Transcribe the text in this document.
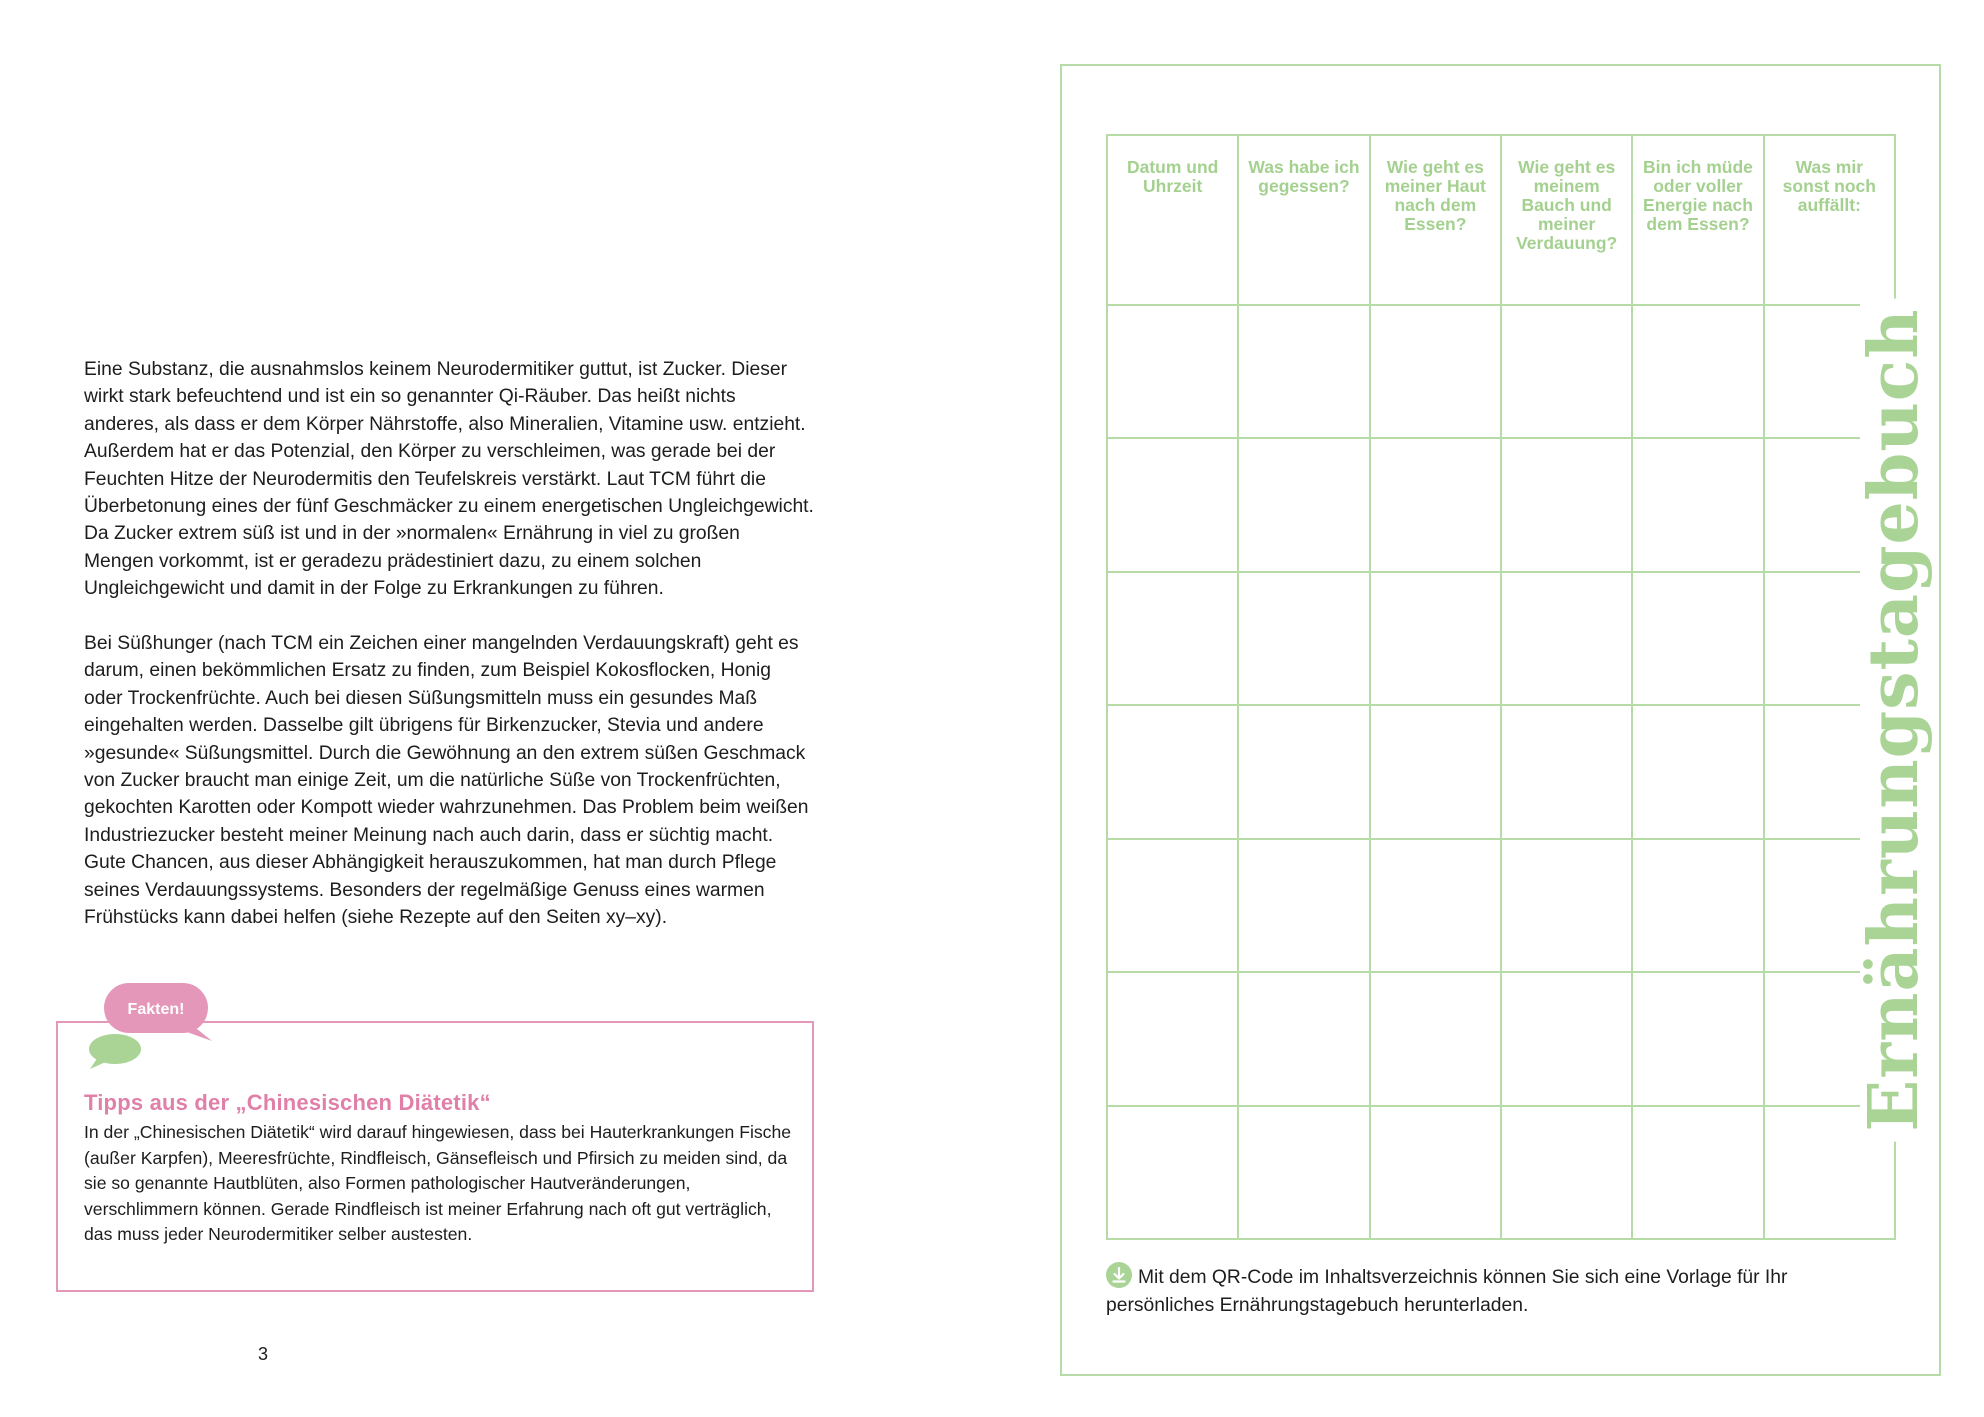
Eine Substanz, die ausnahmslos keinem Neurodermitiker guttut, ist Zucker. Dieser wirkt stark befeuchtend und ist ein so genannter Qi-Räuber. Das heißt nichts anderes, als dass er dem Körper Nährstoffe, also Mineralien, Vitamine usw. entzieht. Außerdem hat er das Potenzial, den Körper zu verschleimen, was gerade bei der Feuchten Hitze der Neurodermitis den Teufelskreis verstärkt. Laut TCM führt die Überbetonung eines der fünf Geschmäcker zu einem energetischen Ungleichgewicht. Da Zucker extrem süß ist und in der »normalen« Ernährung in viel zu großen Mengen vorkommt, ist er geradezu prädestiniert dazu, zu einem solchen Ungleichgewicht und damit in der Folge zu Erkrankungen zu führen.

Bei Süßhunger (nach TCM ein Zeichen einer mangelnden Verdauungskraft) geht es darum, einen bekömmlichen Ersatz zu finden, zum Beispiel Kokosflocken, Honig oder Trockenfrüchte. Auch bei diesen Süßungsmitteln muss ein gesundes Maß eingehalten werden. Dasselbe gilt übrigens für Birkenzucker, Stevia und andere »gesunde« Süßungsmittel. Durch die Gewöhnung an den extrem süßen Geschmack von Zucker braucht man einige Zeit, um die natürliche Süße von Trockenfrüchten, gekochten Karotten oder Kompott wieder wahrzunehmen. Das Problem beim weißen Industriezucker besteht meiner Meinung nach auch darin, dass er süchtig macht. Gute Chancen, aus dieser Abhängigkeit herauszukommen, hat man durch Pflege seines Verdauungssystems. Besonders der regelmäßige Genuss eines warmen Frühstücks kann dabei helfen (siehe Rezepte auf den Seiten xy–xy).

Fakten!
Tipps aus der „Chinesischen Diätetik“
In der „Chinesischen Diätetik“ wird darauf hingewiesen, dass bei Hauterkrankungen Fische (außer Karpfen), Meeresfrüchte, Rindfleisch, Gänsefleisch und Pfirsich zu meiden sind, da sie so genannte Hautblüten, also Formen pathologischer Hautveränderungen, verschlimmern können. Gerade Rindfleisch ist meiner Erfahrung nach oft gut verträglich, das muss jeder Neurodermitiker selber austesten.
3
Datum und Uhrzeit	Was habe ich gegessen?	Wie geht es meiner Haut nach dem Essen?	Wie geht es meinem Bauch und meiner Verdauung?	Bin ich müde oder voller Energie nach dem Essen?	Was mir sonst noch auffällt:

Ernährungstagebuch
Mit dem QR-Code im Inhaltsverzeichnis können Sie sich eine Vorlage für Ihr persönliches Ernährungstagebuch herunterladen.
